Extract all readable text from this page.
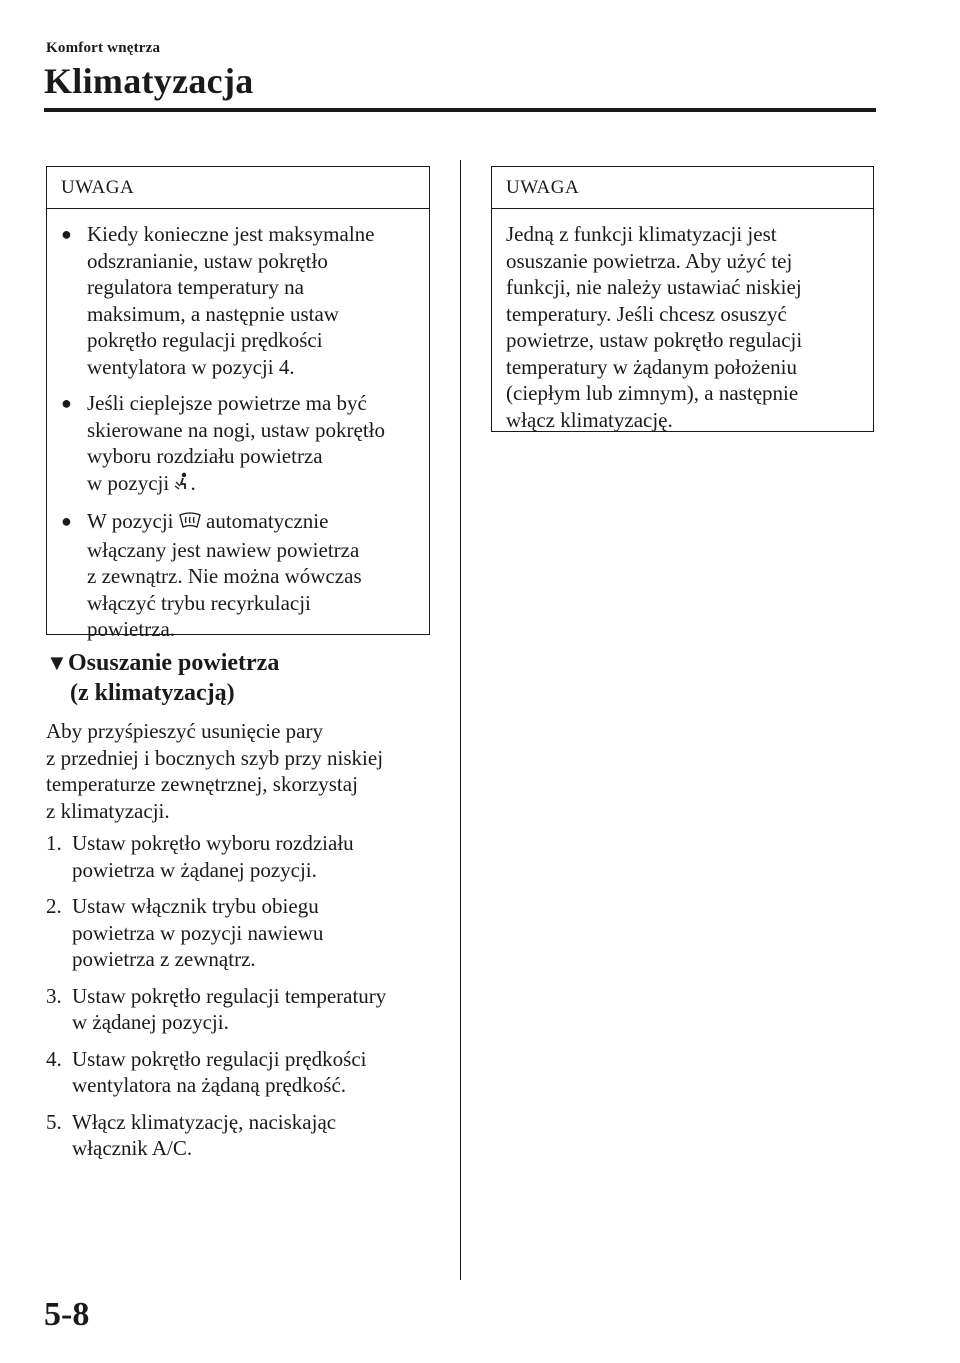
Komfort wnętrza
Klimatyzacja
UWAGA
● Kiedy konieczne jest maksymalne
odszranianie, ustaw pokrętło
regulatora temperatury na
maksimum, a następnie ustaw
pokrętło regulacji prędkości
wentylatora w pozycji 4.
● Jeśli cieplejsze powietrze ma być
skierowane na nogi, ustaw pokrętło
wyboru rozdziału powietrza
w pozycji .
● W pozycji automatycznie
włączany jest nawiew powietrza
z zewnątrz. Nie można wówczas
włączyć trybu recyrkulacji
powietrza.
▼Osuszanie powietrza
(z klimatyzacją)
Aby przyśpieszyć usunięcie pary
z przedniej i bocznych szyb przy niskiej
temperaturze zewnętrznej, skorzystaj
z klimatyzacji.
1. Ustaw pokrętło wyboru rozdziału
powietrza w żądanej pozycji.
2. Ustaw włącznik trybu obiegu
powietrza w pozycji nawiewu
powietrza z zewnątrz.
3. Ustaw pokrętło regulacji temperatury
w żądanej pozycji.
4. Ustaw pokrętło regulacji prędkości
wentylatora na żądaną prędkość.
5. Włącz klimatyzację, naciskając
włącznik A/C.
UWAGA
Jedną z funkcji klimatyzacji jest
osuszanie powietrza. Aby użyć tej
funkcji, nie należy ustawiać niskiej
temperatury. Jeśli chcesz osuszyć
powietrze, ustaw pokrętło regulacji
temperatury w żądanym położeniu
(ciepłym lub zimnym), a następnie
włącz klimatyzację.
5-8
